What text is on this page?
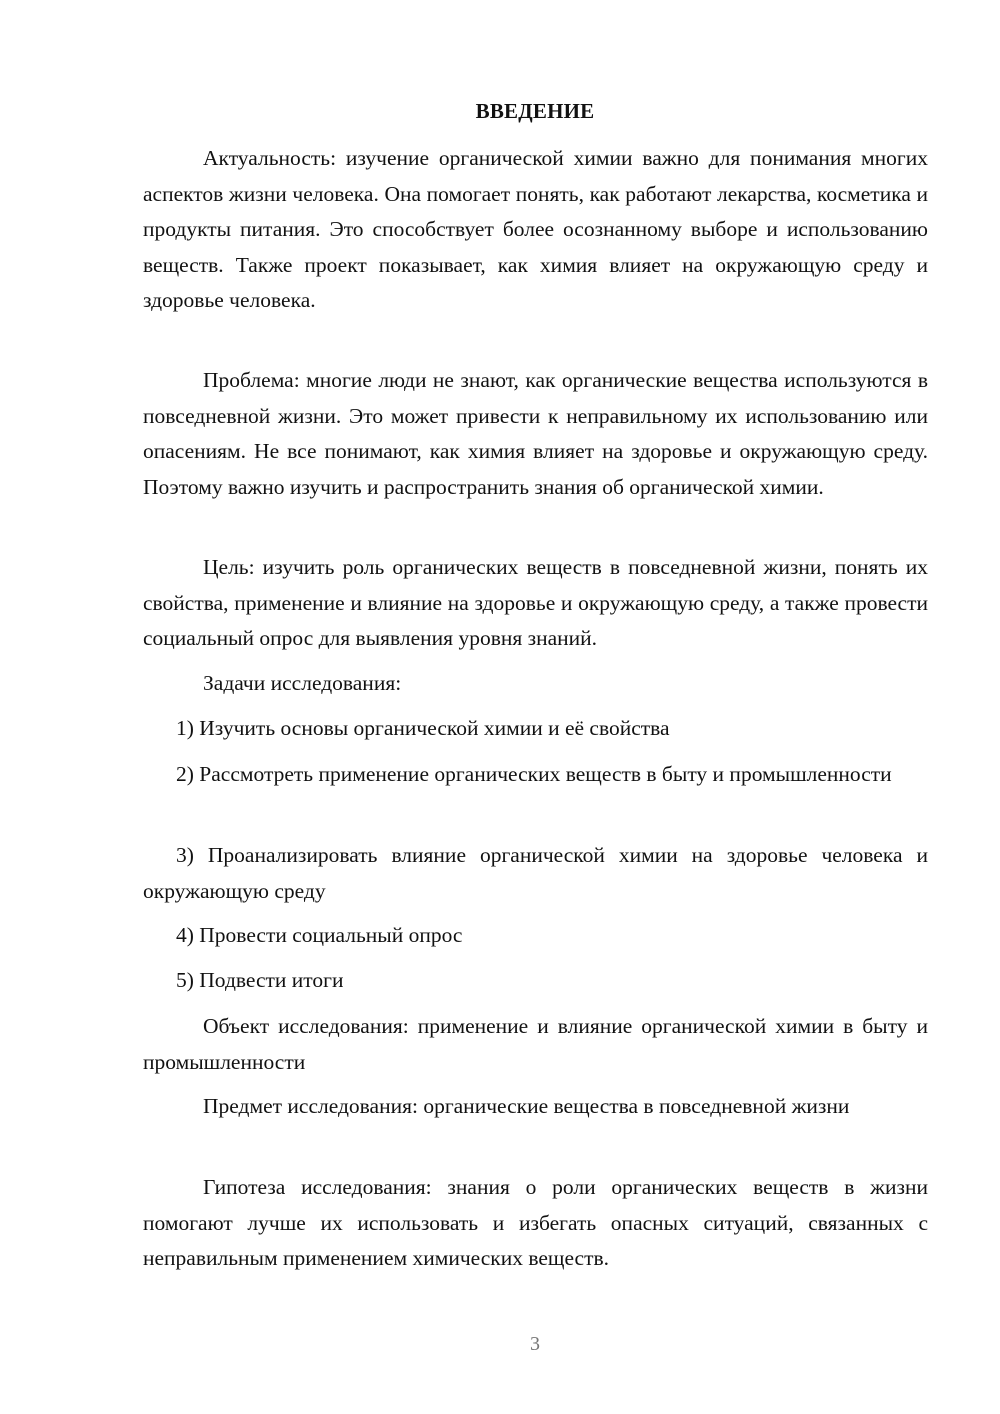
ВВЕДЕНИЕ

Актуальность: изучение органической химии важно для понимания многих аспектов жизни человека. Она помогает понять, как работают лекарства, косметика и продукты питания. Это способствует более осознанному выборе и использованию веществ. Также проект показывает, как химия влияет на окружающую среду и здоровье человека.

Проблема: многие люди не знают, как органические вещества используются в повседневной жизни. Это может привести к неправильному их использованию или опасениям. Не все понимают, как химия влияет на здоровье и окружающую среду. Поэтому важно изучить и распространить знания об органической химии.

Цель: изучить роль органических веществ в повседневной жизни, понять их свойства, применение и влияние на здоровье и окружающую среду, а также провести социальный опрос для выявления уровня знаний.

Задачи исследования:

1) Изучить основы органической химии и её свойства

2) Рассмотреть применение органических веществ в быту и промышленности

3) Проанализировать влияние органической химии на здоровье человека и окружающую среду

4) Провести социальный опрос

5) Подвести итоги

Объект исследования: применение и влияние органической химии в быту и промышленности

Предмет исследования: органические вещества в повседневной жизни

Гипотеза исследования: знания о роли органических веществ в жизни помогают лучше их использовать и избегать опасных ситуаций, связанных с неправильным применением химических веществ.

3
